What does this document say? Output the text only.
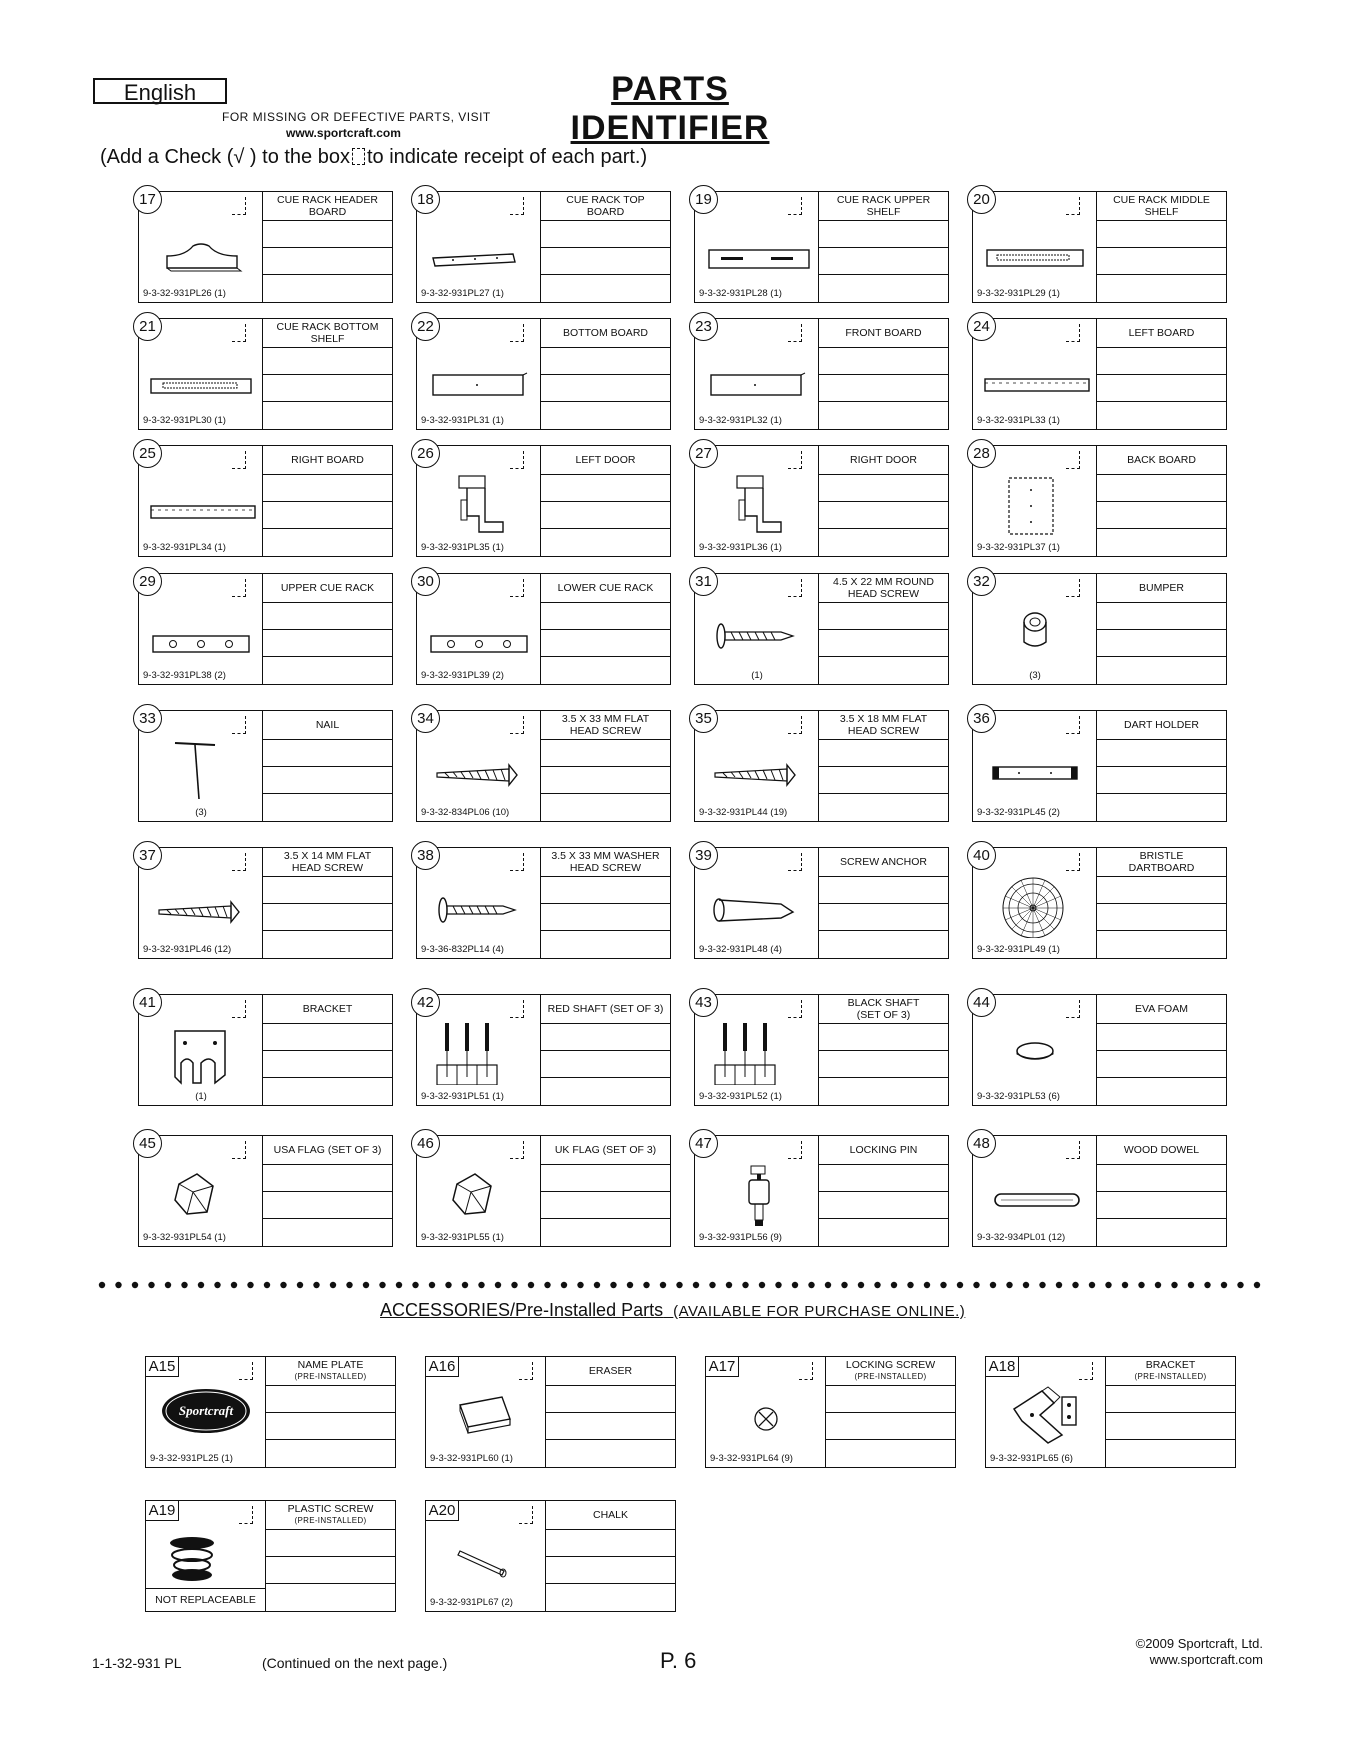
English	PARTS IDENTIFIER
FOR MISSING OR DEFECTIVE PARTS, VISIT
www.sportcraft.com
(Add a Check (√ ) to the box to indicate receipt of each part.)
17	CUE RACK HEADER
BOARD
9-3-32-931PL26 (1)
18	CUE RACK TOP
BOARD
9-3-32-931PL27 (1)
19	CUE RACK UPPER
SHELF
9-3-32-931PL28 (1)
20	CUE RACK MIDDLE
SHELF
9-3-32-931PL29 (1)
21	CUE RACK BOTTOM
SHELF
9-3-32-931PL30 (1)
22	BOTTOM BOARD
9-3-32-931PL31 (1)
23	FRONT BOARD
9-3-32-931PL32 (1)
24	LEFT BOARD
9-3-32-931PL33 (1)
25	RIGHT BOARD
9-3-32-931PL34 (1)
26	LEFT DOOR
9-3-32-931PL35 (1)
27	RIGHT DOOR
9-3-32-931PL36 (1)
28	BACK BOARD
9-3-32-931PL37 (1)
29	UPPER CUE RACK
9-3-32-931PL38 (2)
30	LOWER CUE RACK
9-3-32-931PL39 (2)
31	4.5 X 22 MM ROUND
HEAD SCREW
(1)
32	BUMPER
(3)
33	NAIL
(3)
34	3.5 X 33 MM FLAT
HEAD SCREW
9-3-32-834PL06 (10)
35	3.5 X 18 MM FLAT
HEAD SCREW
9-3-32-931PL44 (19)
36	DART HOLDER
9-3-32-931PL45 (2)
37	3.5 X 14 MM FLAT
HEAD SCREW
9-3-32-931PL46 (12)
38	3.5 X 33 MM WASHER
HEAD SCREW
9-3-36-832PL14 (4)
39	SCREW ANCHOR
9-3-32-931PL48 (4)
40	BRISTLE
DARTBOARD
9-3-32-931PL49 (1)
41	BRACKET
(1)
42	RED SHAFT (SET OF 3)
9-3-32-931PL51 (1)
43	BLACK SHAFT
(SET OF 3)
9-3-32-931PL52 (1)
44	EVA FOAM
9-3-32-931PL53 (6)
45	USA FLAG (SET OF 3)
9-3-32-931PL54 (1)
46	UK FLAG (SET OF 3)
9-3-32-931PL55 (1)
47	LOCKING PIN
9-3-32-931PL56 (9)
48	WOOD DOWEL
9-3-32-934PL01 (12)
ACCESSORIES/Pre-Installed Parts (AVAILABLE FOR PURCHASE ONLINE.)
A15	NAME PLATE
(PRE-INSTALLED)
Sportcraft
9-3-32-931PL25 (1)
A16	ERASER
9-3-32-931PL60 (1)
A17	LOCKING SCREW
(PRE-INSTALLED)
9-3-32-931PL64 (9)
A18	BRACKET
(PRE-INSTALLED)
9-3-32-931PL65 (6)
A19	PLASTIC SCREW
(PRE-INSTALLED)
NOT REPLACEABLE
A20	CHALK
9-3-32-931PL67 (2)
1-1-32-931 PL	(Continued on the next page.)	P. 6
©2009 Sportcraft, Ltd.
www.sportcraft.com
